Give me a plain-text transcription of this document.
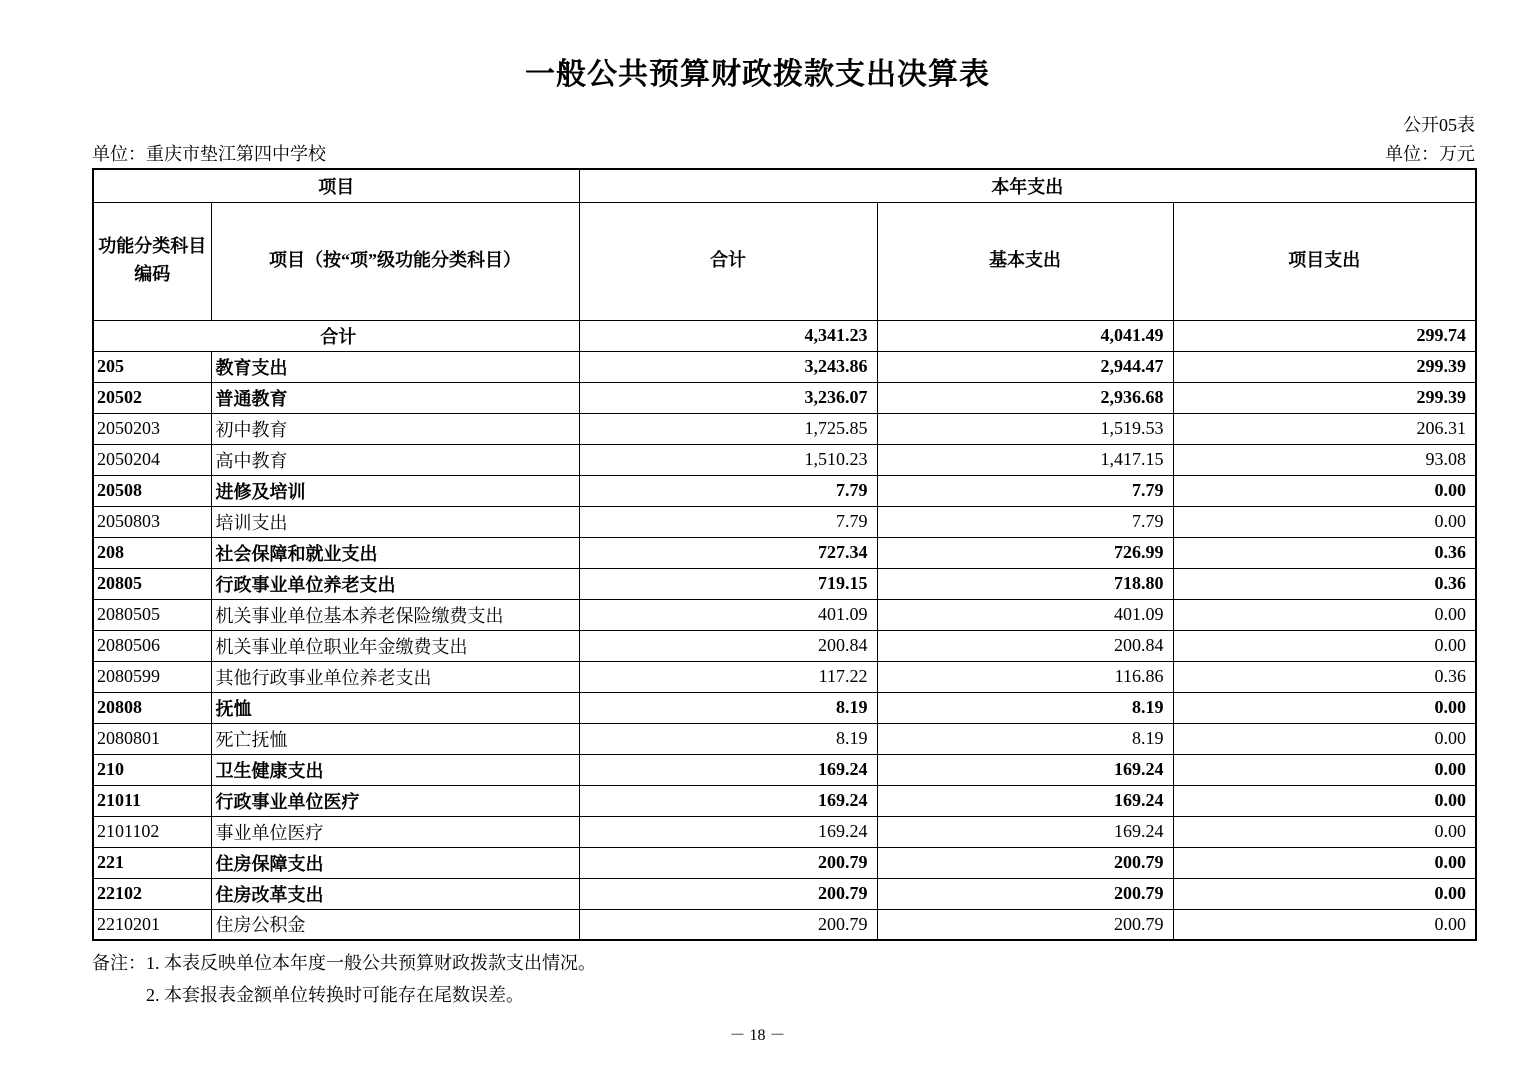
一般公共预算财政拨款支出决算表
公开05表
单位：重庆市垫江第四中学校	单位：万元
项目		本年支出		

功能分类科目
编码	项目（按“项”级功能分类科目）	合计	基本支出	项目支出
合计		4,341.23	4,041.49	299.74
205	教育支出	3,243.86	2,944.47	299.39
20502	普通教育	3,236.07	2,936.68	299.39
2050203	初中教育	1,725.85	1,519.53	206.31
2050204	高中教育	1,510.23	1,417.15	93.08
20508	进修及培训	7.79	7.79	0.00
2050803	培训支出	7.79	7.79	0.00
208	社会保障和就业支出	727.34	726.99	0.36
20805	行政事业单位养老支出	719.15	718.80	0.36
2080505	机关事业单位基本养老保险缴费支出	401.09	401.09	0.00
2080506	机关事业单位职业年金缴费支出	200.84	200.84	0.00
2080599	其他行政事业单位养老支出	117.22	116.86	0.36
20808	抚恤	8.19	8.19	0.00
2080801	死亡抚恤	8.19	8.19	0.00
210	卫生健康支出	169.24	169.24	0.00
21011	行政事业单位医疗	169.24	169.24	0.00
2101102	事业单位医疗	169.24	169.24	0.00
221	住房保障支出	200.79	200.79	0.00
22102	住房改革支出	200.79	200.79	0.00
2210201	住房公积金	200.79	200.79	0.00
备注：1. 本表反映单位本年度一般公共预算财政拨款支出情况。
2. 本套报表金额单位转换时可能存在尾数误差。
－ 18 －
